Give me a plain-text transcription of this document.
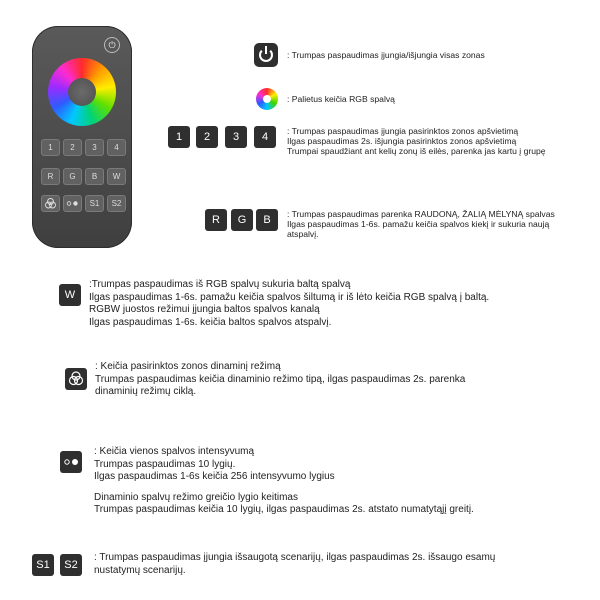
⏻
1	2	3	4
R	G	B	W
S1	S2
: Trumpas paspaudimas įjungia/išjungia visas zonas
: Palietus keičia RGB spalvą
1	2	3	4	: Trumpas paspaudimas įjungia pasirinktos zonos apšvietimą
Ilgas paspaudimas 2s. išjungia pasirinktos zonos apšvietimą
Trumpai spaudžiant ant kelių zonų iš eilės, parenka jas kartu į grupę
R	G	B	: Trumpas paspaudimas parenka RAUDONĄ, ŽALIĄ MĖLYNĄ spalvas
Ilgas paspaudimas 1-6s. pamažu keičia spalvos kiekį ir sukuria naują
atspalvį.
W
:Trumpas paspaudimas iš RGB spalvų sukuria baltą spalvą
Ilgas paspaudimas 1-6s. pamažu keičia spalvos šiltumą ir iš lėto keičia RGB spalvą į baltą.
RGBW juostos režimui įjungia baltos spalvos kanalą
Ilgas paspaudimas 1-6s. keičia baltos spalvos atspalvį.
: Keičia pasirinktos zonos dinaminį režimą
Trumpas paspaudimas keičia dinaminio režimo tipą, ilgas paspaudimas 2s. parenka
dinaminių režimų ciklą.
: Keičia vienos spalvos intensyvumą
Trumpas paspaudimas 10 lygių.
Ilgas paspaudimas 1-6s keičia 256 intensyvumo lygius
Dinaminio spalvų režimo greičio lygio keitimas
Trumpas paspaudimas keičia 10 lygių, ilgas paspaudimas 2s. atstato numatytąjį greitį.
S1	S2
: Trumpas paspaudimas įjungia išsaugotą scenarijų, ilgas paspaudimas 2s. išsaugo esamų
nustatymų scenarijų.
